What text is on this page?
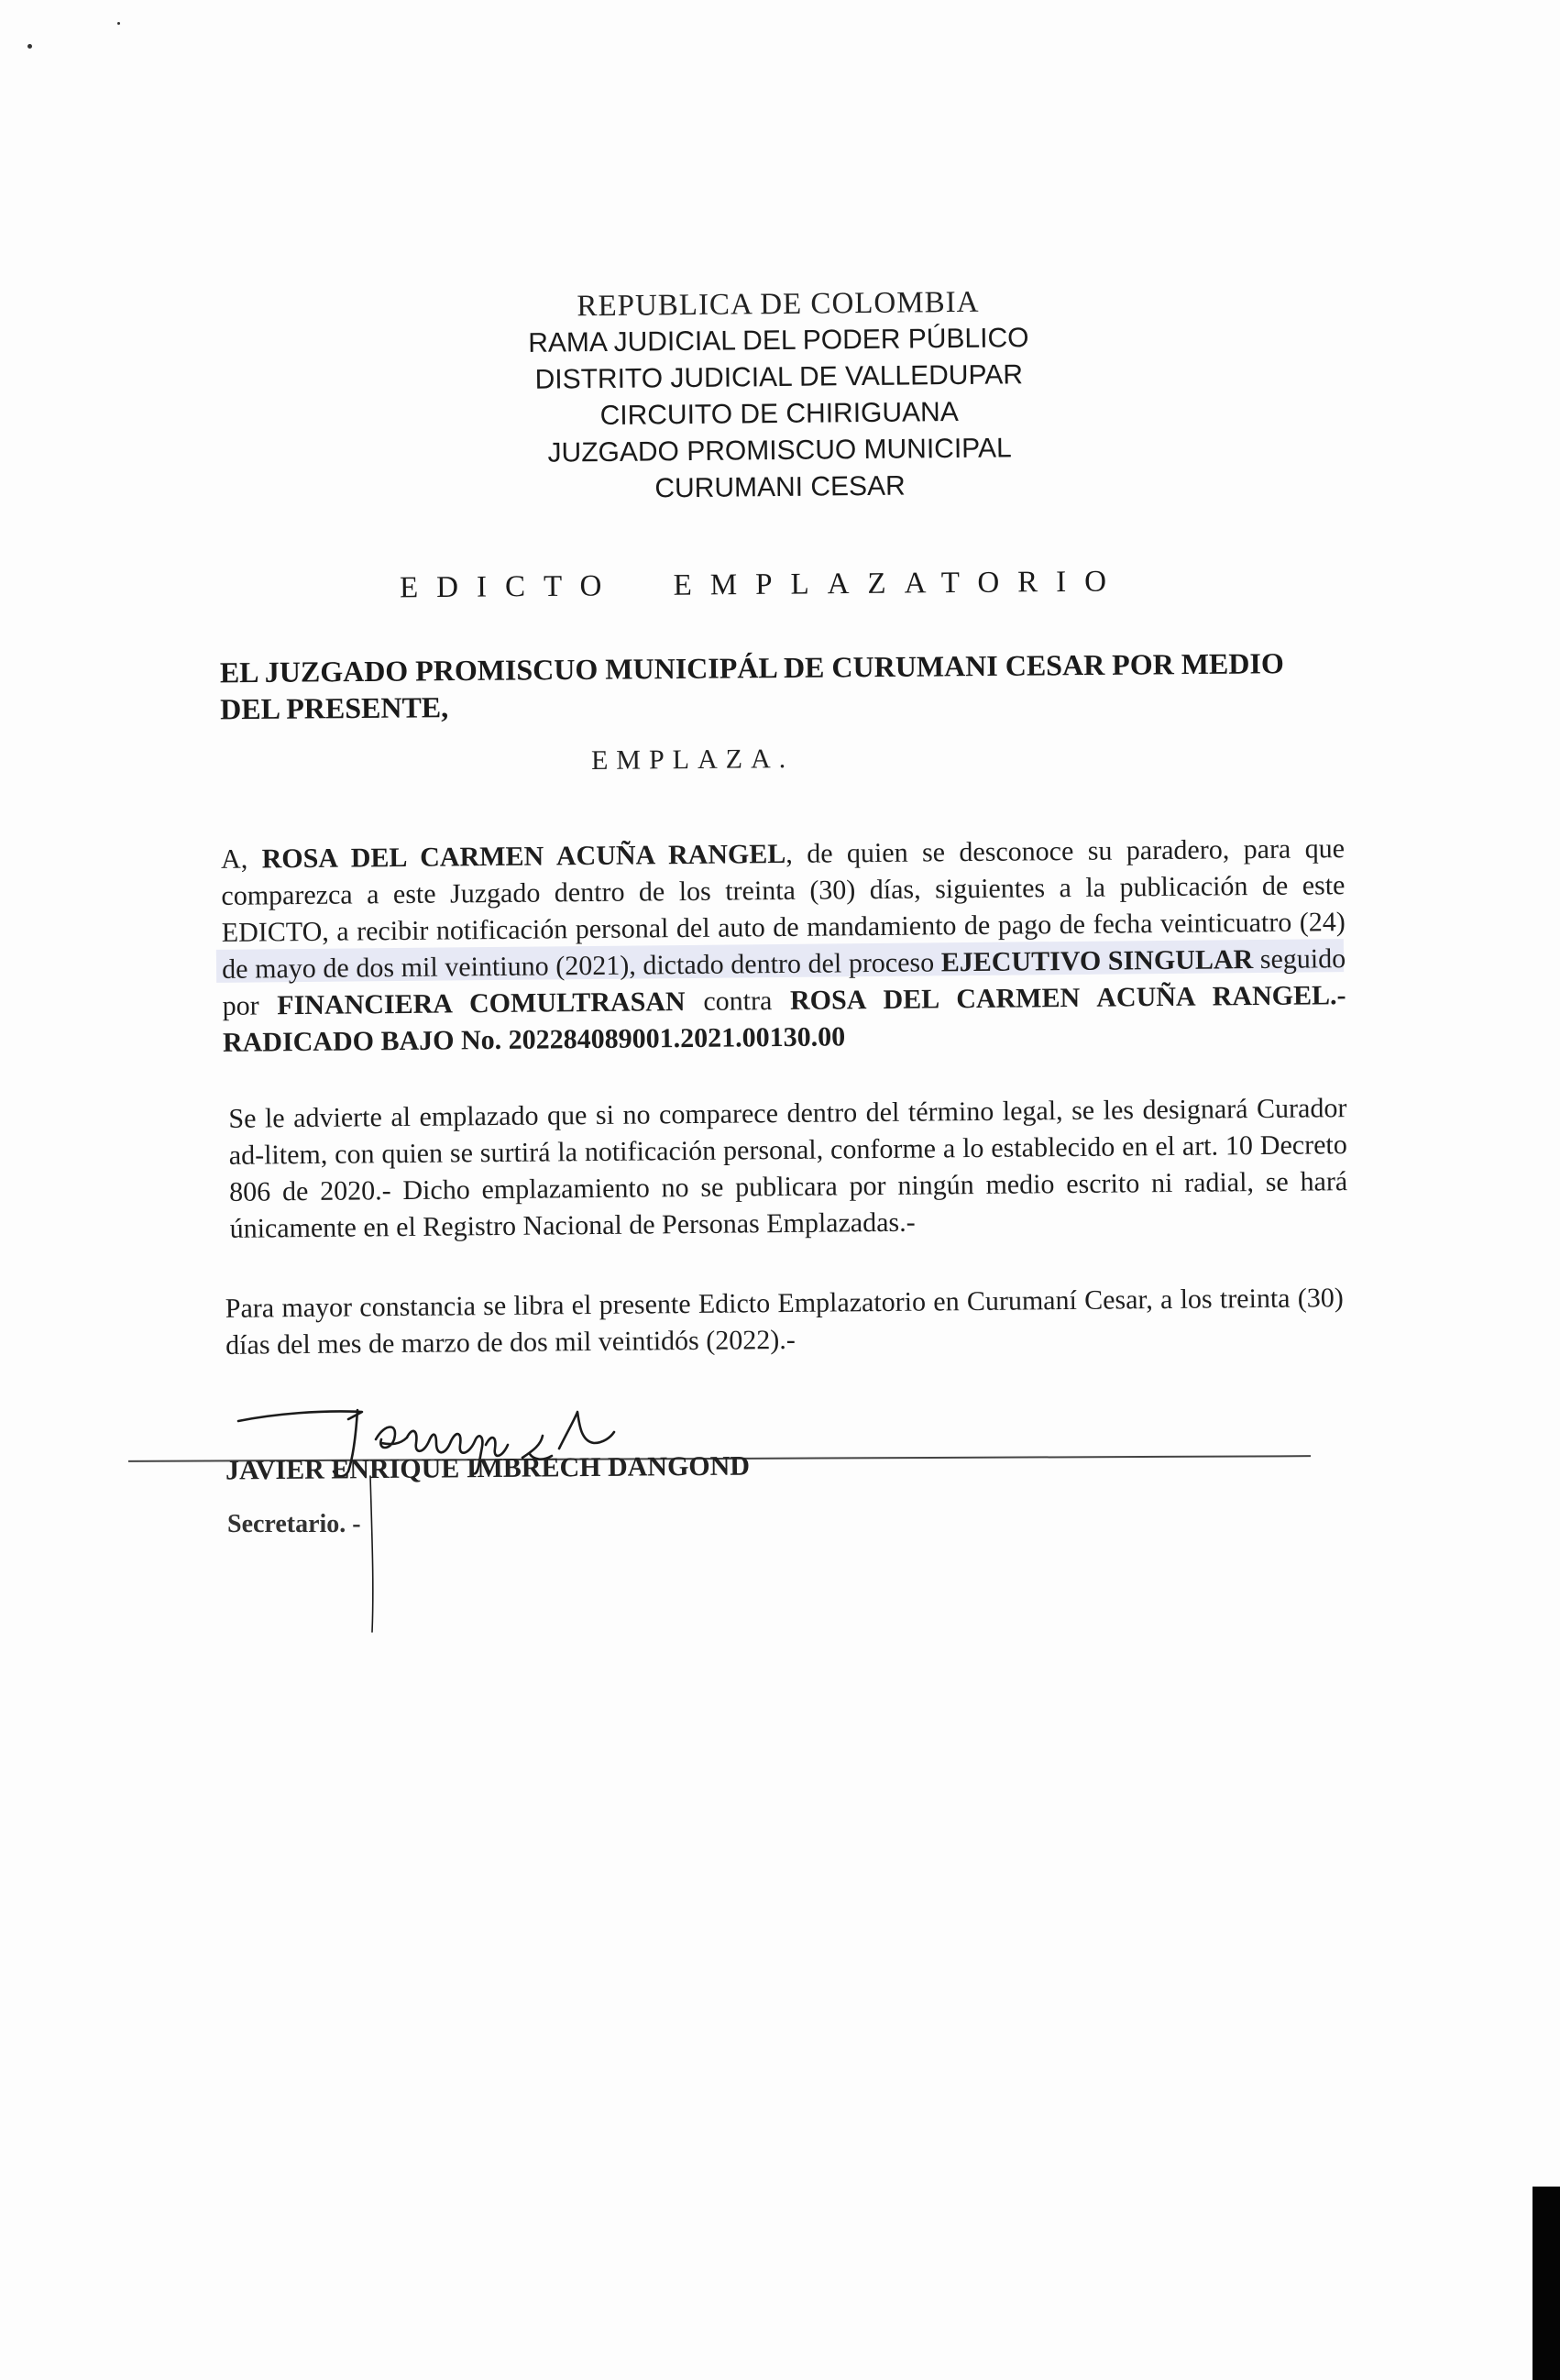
REPUBLICA DE COLOMBIA
RAMA JUDICIAL DEL PODER PÚBLICO
DISTRITO JUDICIAL DE VALLEDUPAR
CIRCUITO DE CHIRIGUANA
JUZGADO PROMISCUO MUNICIPAL
CURUMANI CESAR
EDICTO EMPLAZATORIO
EL JUZGADO PROMISCUO MUNICIPÁL DE CURUMANI CESAR POR MEDIO DEL PRESENTE,
EMPLAZA.
A, ROSA DEL CARMEN ACUÑA RANGEL, de quien se desconoce su paradero, para que comparezca a este Juzgado dentro de los treinta (30) días, siguientes a la publicación de este EDICTO, a recibir notificación personal del auto de mandamiento de pago de fecha veinticuatro (24) de mayo de dos mil veintiuno (2021), dictado dentro del proceso EJECUTIVO SINGULAR seguido por FINANCIERA COMULTRASAN contra ROSA DEL CARMEN ACUÑA RANGEL.- RADICADO BAJO No. 202284089001.2021.00130.00
Se le advierte al emplazado que si no comparece dentro del término legal, se les designará Curador ad-litem, con quien se surtirá la notificación personal, conforme a lo establecido en el art. 10 Decreto 806 de 2020.- Dicho emplazamiento no se publicara por ningún medio escrito ni radial, se hará únicamente en el Registro Nacional de Personas Emplazadas.-
Para mayor constancia se libra el presente Edicto Emplazatorio en Curumaní Cesar, a los treinta (30) días del mes de marzo de dos mil veintidós (2022).-
JAVIER ENRIQUE IMBRECH DANGOND
Secretario. -
